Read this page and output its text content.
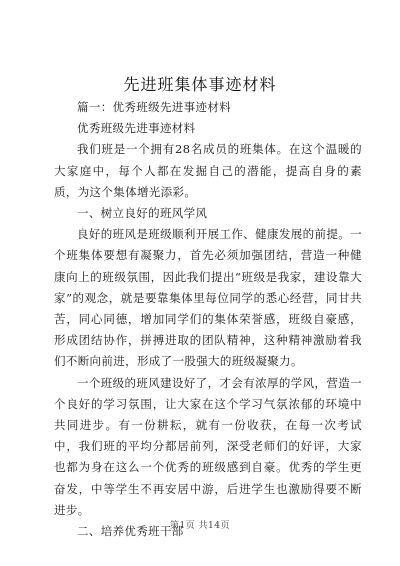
先进班集体事迹材料

篇一：优秀班级先进事迹材料

优秀班级先进事迹材料

我们班是一个拥有28名成员的班集体。在这个温暖的大家庭中，每个人都在发掘自己的潜能，提高自身的素质，为这个集体增光添彩。

一、树立良好的班风学风

良好的班风是班级顺利开展工作、健康发展的前提。一个班集体要想有凝聚力，首先必须加强团结，营造一种健康向上的班级氛围，因此我们提出“班级是我家，建设靠大家”的观念，就是要靠集体里每位同学的悉心经营，同甘共苦，同心同德，增加同学们的集体荣誉感，班级自豪感，形成团结协作，拼搏进取的团队精神，这种精神激励着我们不断向前进，形成了一股强大的班级凝聚力。

一个班级的班风建设好了，才会有浓厚的学风，营造一个良好的学习氛围，让大家在这个学习气氛浓郁的环境中共同进步。有一份耕耘，就有一份收获，在每一次考试中，我们班的平均分都居前列，深受老师们的好评，大家也都为身在这么一个优秀的班级感到自豪。优秀的学生更奋发，中等学生不再安居中游，后进学生也激励得要不断进步。

二、培养优秀班干部

第1页 共14页
